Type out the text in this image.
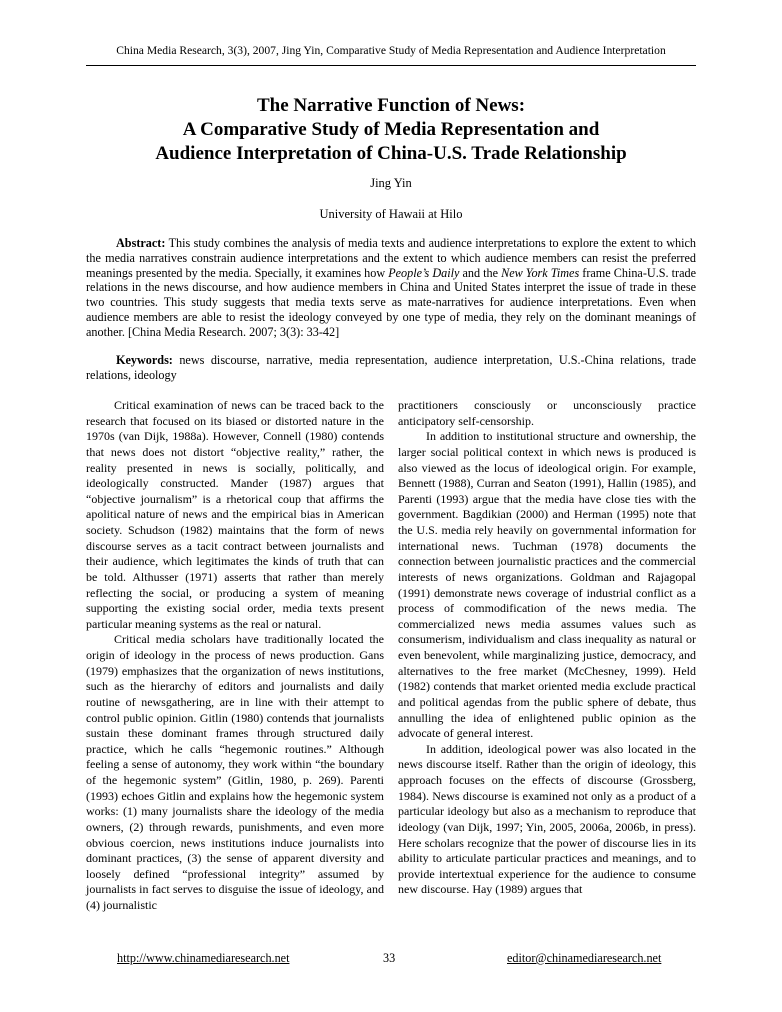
China Media Research, 3(3), 2007, Jing Yin, Comparative Study of Media Representation and Audience Interpretation
The Narrative Function of News:
A Comparative Study of Media Representation and
Audience Interpretation of China-U.S. Trade Relationship
Jing Yin
University of Hawaii at Hilo

Abstract: This study combines the analysis of media texts and audience interpretations to explore the extent to which the media narratives constrain audience interpretations and the extent to which audience members can resist the preferred meanings presented by the media. Specially, it examines how People’s Daily and the New York Times frame China-U.S. trade relations in the news discourse, and how audience members in China and United States interpret the issue of trade in these two countries. This study suggests that media texts serve as mate-narratives for audience interpretations. Even when audience members are able to resist the ideology conveyed by one type of media, they rely on the dominant meanings of another. [China Media Research. 2007; 3(3): 33-42]

Keywords: news discourse, narrative, media representation, audience interpretation, U.S.-China relations, trade relations, ideology

Critical examination of news can be traced back to the research that focused on its biased or distorted nature in the 1970s (van Dijk, 1988a). However, Connell (1980) contends that news does not distort “objective reality,” rather, the reality presented in news is socially, politically, and ideologically constructed. Mander (1987) argues that “objective journalism” is a rhetorical coup that affirms the apolitical nature of news and the empirical bias in American society. Schudson (1982) maintains that the form of news discourse serves as a tacit contract between journalists and their audience, which legitimates the kinds of truth that can be told. Althusser (1971) asserts that rather than merely reflecting the social, or producing a system of meaning supporting the existing social order, media texts present particular meaning systems as the real or natural.

Critical media scholars have traditionally located the origin of ideology in the process of news production. Gans (1979) emphasizes that the organization of news institutions, such as the hierarchy of editors and journalists and daily routine of newsgathering, are in line with their attempt to control public opinion. Gitlin (1980) contends that journalists sustain these dominant frames through structured daily practice, which he calls “hegemonic routines.” Although feeling a sense of autonomy, they work within “the boundary of the hegemonic system” (Gitlin, 1980, p. 269). Parenti (1993) echoes Gitlin and explains how the hegemonic system works: (1) many journalists share the ideology of the media owners, (2) through rewards, punishments, and even more obvious coercion, news institutions induce journalists into dominant practices, (3) the sense of apparent diversity and loosely defined “professional integrity” assumed by journalists in fact serves to disguise the issue of ideology, and (4) journalistic

practitioners consciously or unconsciously practice anticipatory self-censorship.

In addition to institutional structure and ownership, the larger social political context in which news is produced is also viewed as the locus of ideological origin. For example, Bennett (1988), Curran and Seaton (1991), Hallin (1985), and Parenti (1993) argue that the media have close ties with the government. Bagdikian (2000) and Herman (1995) note that the U.S. media rely heavily on governmental information for international news. Tuchman (1978) documents the connection between journalistic practices and the commercial interests of news organizations. Goldman and Rajagopal (1991) demonstrate news coverage of industrial conflict as a process of commodification of the news media. The commercialized news media assumes values such as consumerism, individualism and class inequality as natural or even benevolent, while marginalizing justice, democracy, and alternatives to the free market (McChesney, 1999). Held (1982) contends that market oriented media exclude practical and political agendas from the public sphere of debate, thus annulling the idea of enlightened public opinion as the advocate of general interest.

In addition, ideological power was also located in the news discourse itself. Rather than the origin of ideology, this approach focuses on the effects of discourse (Grossberg, 1984). News discourse is examined not only as a product of a particular ideology but also as a mechanism to reproduce that ideology (van Dijk, 1997; Yin, 2005, 2006a, 2006b, in press). Here scholars recognize that the power of discourse lies in its ability to articulate particular practices and meanings, and to provide intertextual experience for the audience to consume new discourse. Hay (1989) argues that

http://www.chinamediaresearch.net	33	editor@chinamediaresearch.net
